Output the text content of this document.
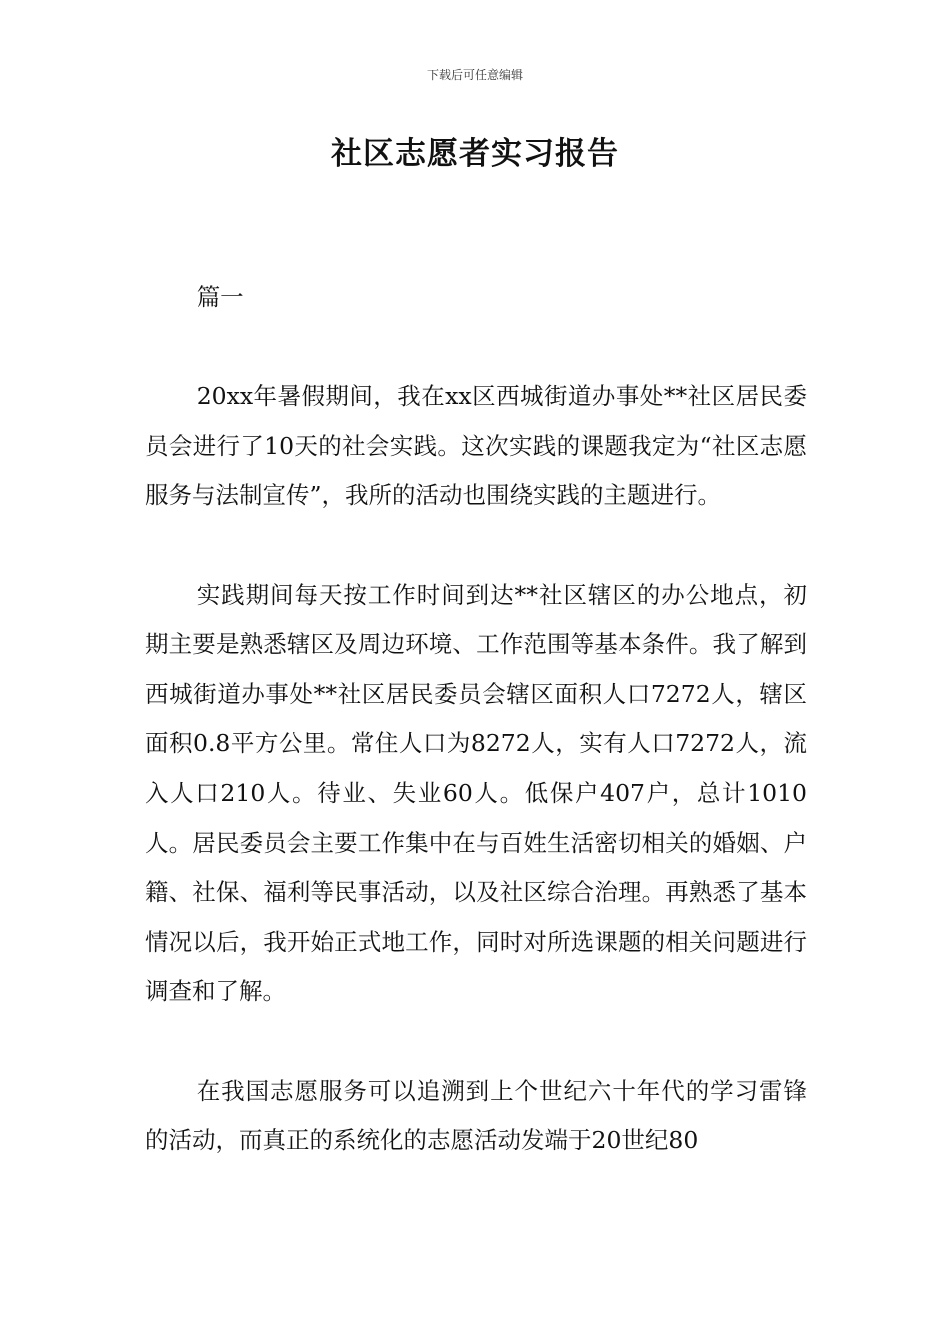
下载后可任意编辑
社区志愿者实习报告
篇一

20xx年暑假期间，我在xx区西城街道办事处**社区居民委员会进行了10天的社会实践。这次实践的课题我定为“社区志愿服务与法制宣传”，我所的活动也围绕实践的主题进行。

实践期间每天按工作时间到达**社区辖区的办公地点，初期主要是熟悉辖区及周边环境、工作范围等基本条件。我了解到西城街道办事处**社区居民委员会辖区面积人口7272人，辖区面积0.8平方公里。常住人口为8272人，实有人口7272人，流入人口210人。待业、失业60人。低保户407户，总计1010人。居民委员会主要工作集中在与百姓生活密切相关的婚姻、户籍、社保、福利等民事活动，以及社区综合治理。再熟悉了基本情况以后，我开始正式地工作，同时对所选课题的相关问题进行调查和了解。

在我国志愿服务可以追溯到上个世纪六十年代的学习雷锋的活动，而真正的系统化的志愿活动发端于20世纪80
